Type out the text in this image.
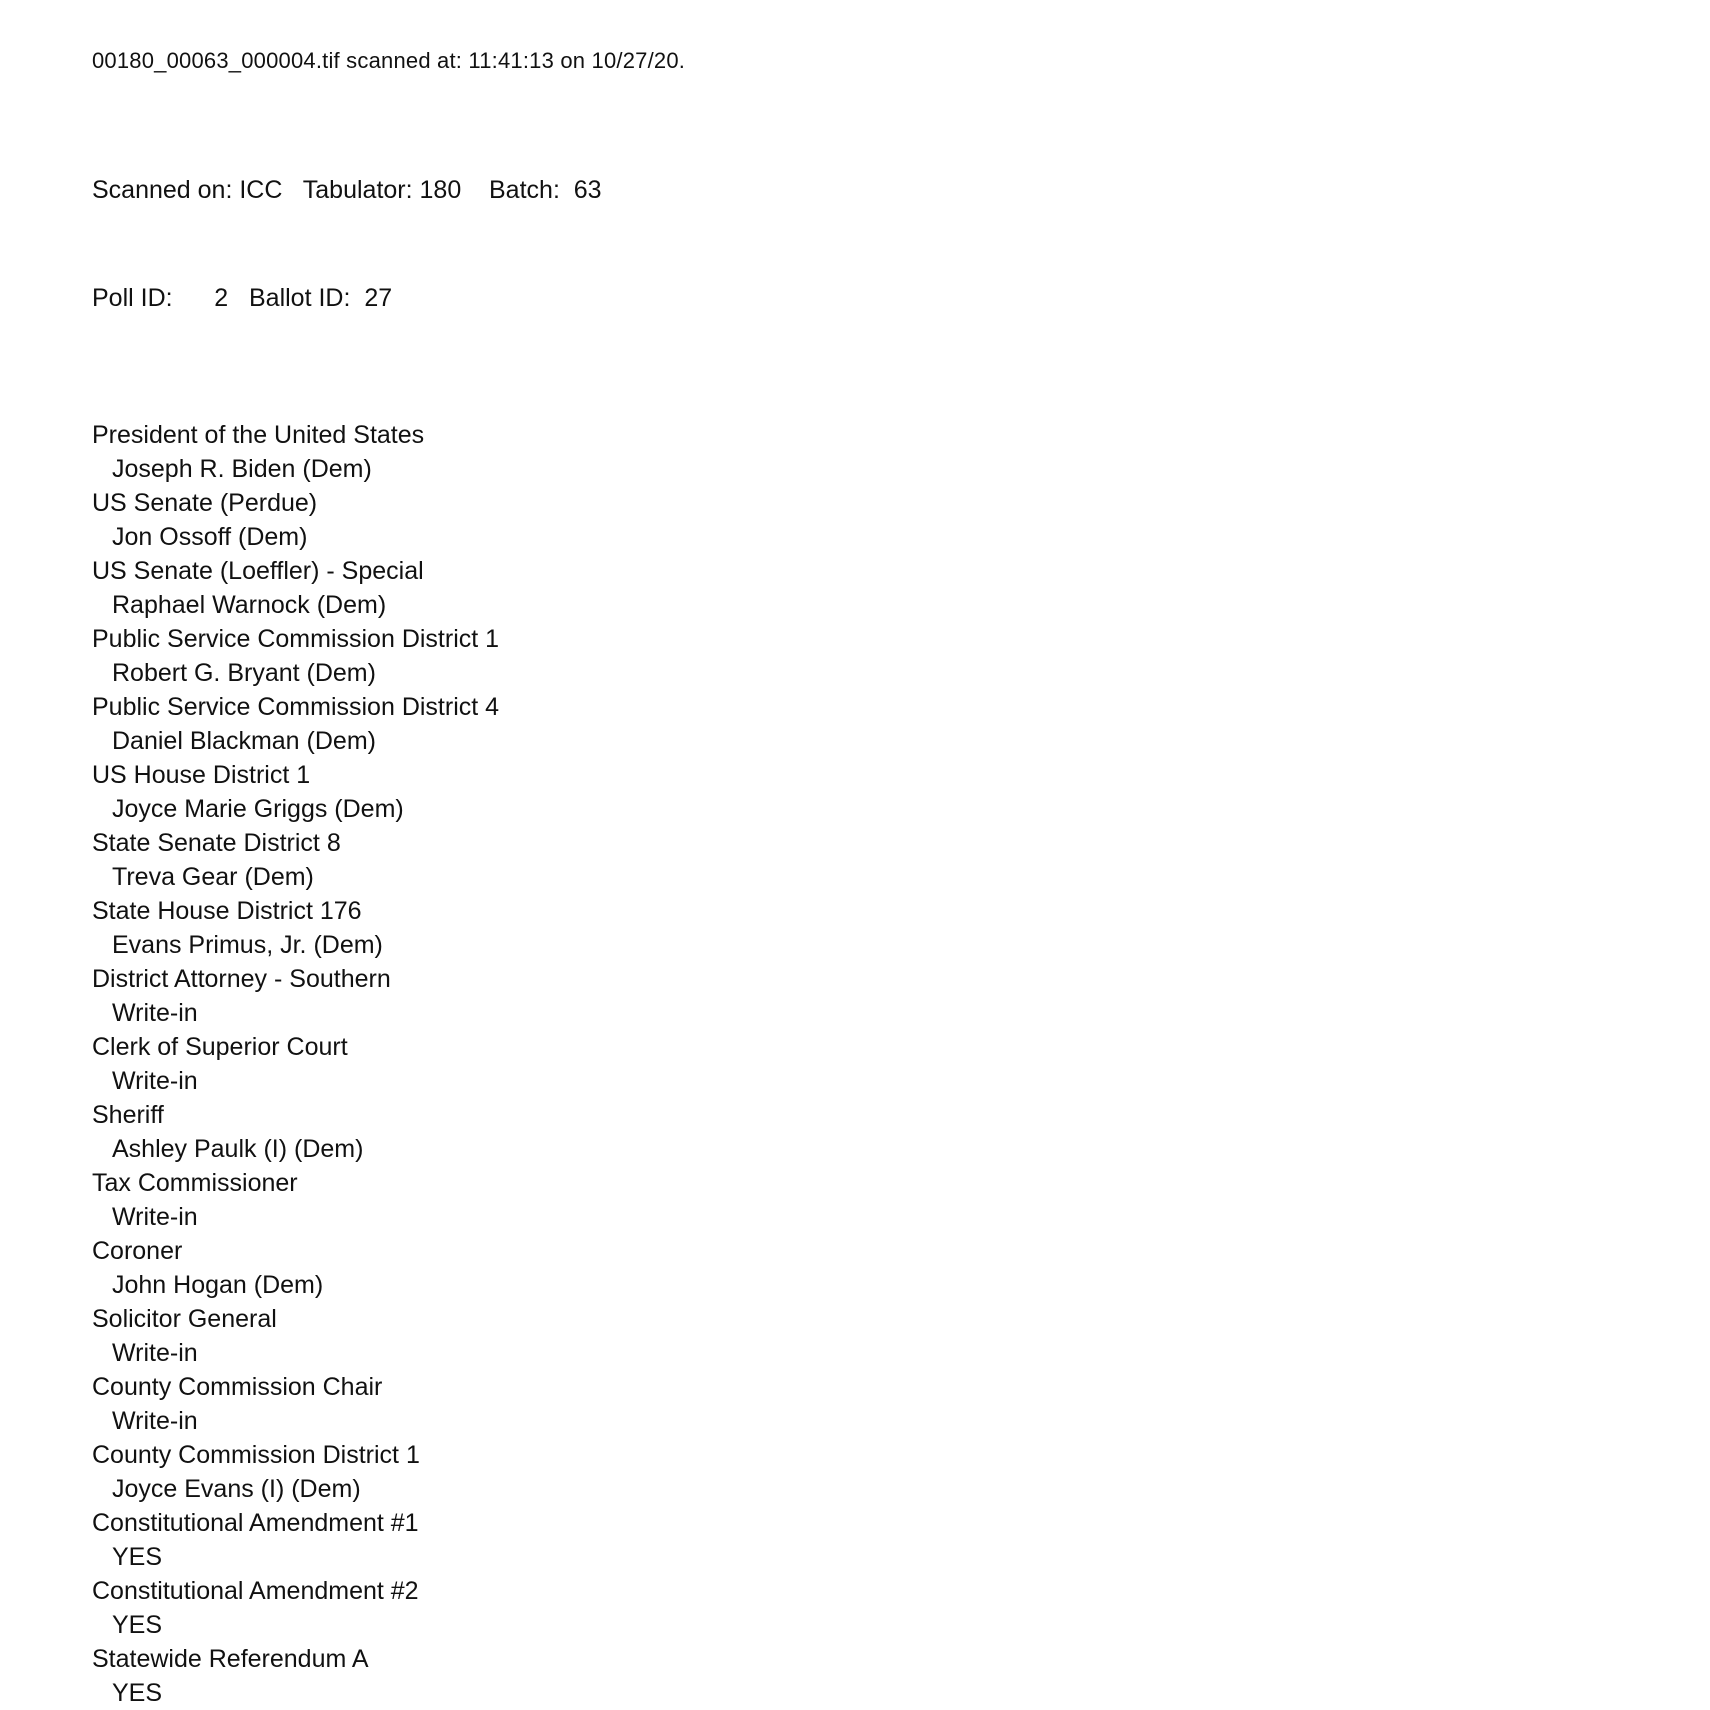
00180_00063_000004.tif scanned at: 11:41:13 on 10/27/20.

Scanned on: ICC   Tabulator: 180    Batch:  63

Poll ID:      2   Ballot ID:  27

President of the United States
Joseph R. Biden (Dem)
US Senate (Perdue)
Jon Ossoff (Dem)
US Senate (Loeffler) - Special
Raphael Warnock (Dem)
Public Service Commission District 1
Robert G. Bryant (Dem)
Public Service Commission District 4
Daniel Blackman (Dem)
US House District 1
Joyce Marie Griggs (Dem)
State Senate District 8
Treva Gear (Dem)
State House District 176
Evans Primus, Jr. (Dem)
District Attorney - Southern
Write-in
Clerk of Superior Court
Write-in
Sheriff
Ashley Paulk (I) (Dem)
Tax Commissioner
Write-in
Coroner
John Hogan (Dem)
Solicitor General
Write-in
County Commission Chair
Write-in
County Commission District 1
Joyce Evans (I) (Dem)
Constitutional Amendment #1
YES
Constitutional Amendment #2
YES
Statewide Referendum A
YES
